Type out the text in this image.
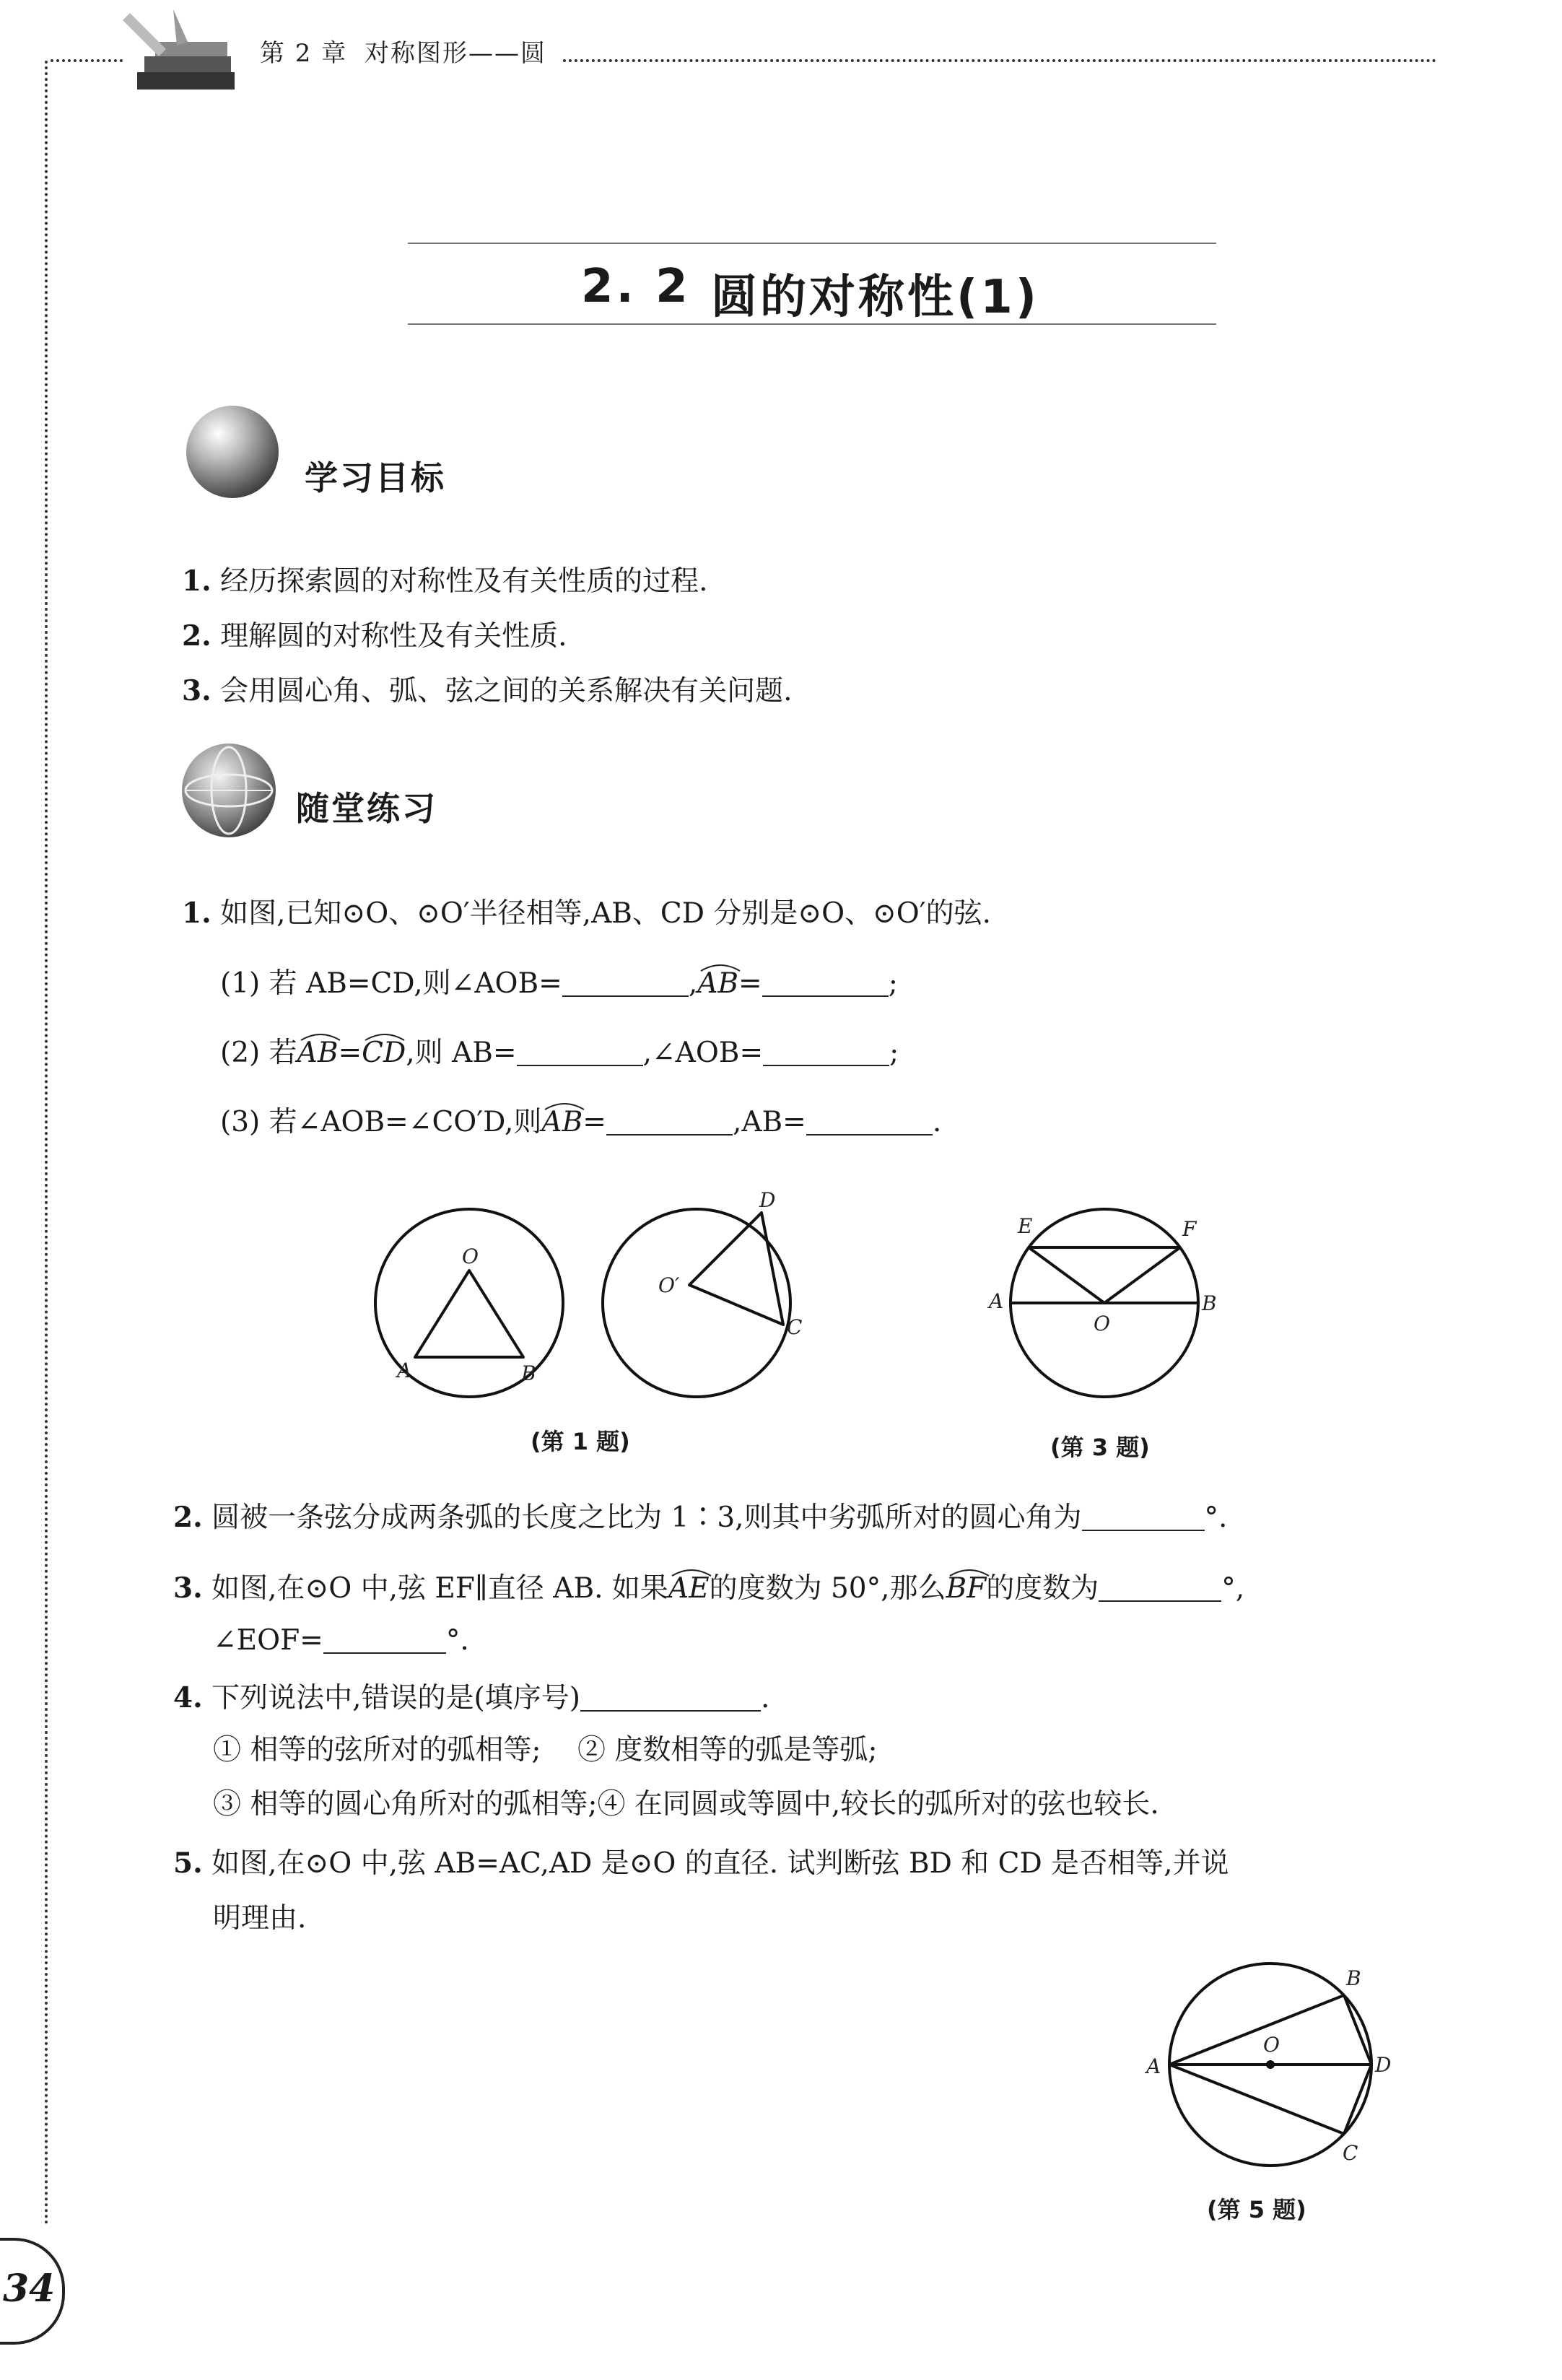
第 2 章 对称图形——圆
2. 2 圆的对称性(1)
学习目标
1. 经历探索圆的对称性及有关性质的过程.
2. 理解圆的对称性及有关性质.
3. 会用圆心角、弧、弦之间的关系解决有关问题.
随堂练习
1. 如图,已知⊙O、⊙O′半径相等,AB、CD 分别是⊙O、⊙O′的弦.
(1) 若 AB=CD,则∠AOB=	,
AB=	;
(2) 若
AB=
CD,则 AB=	,∠AOB=	;
(3) 若∠AOB=∠CO′D,则
AB=	,AB=	.
O
A	B
O′
D
C
(第 1 题)
E	F
A	B
O
(第 3 题)
2. 圆被一条弦分成两条弧的长度之比为 1∶3,则其中劣弧所对的圆心角为	°.
3. 如图,在⊙O 中,弦 EF∥直径 AB. 如果
AE的度数为 50°,那么
BF的度数为	°,
∠EOF=	°.
4. 下列说法中,错误的是(填序号)	.
① 相等的弦所对的弧相等; ② 度数相等的弧是等弧;
③ 相等的圆心角所对的弧相等;④ 在同圆或等圆中,较长的弧所对的弦也较长.
5. 如图,在⊙O 中,弦 AB=AC,AD 是⊙O 的直径. 试判断弦 BD 和 CD 是否相等,并说
明理由.
A
B
C
D
O
(第 5 题)
34
